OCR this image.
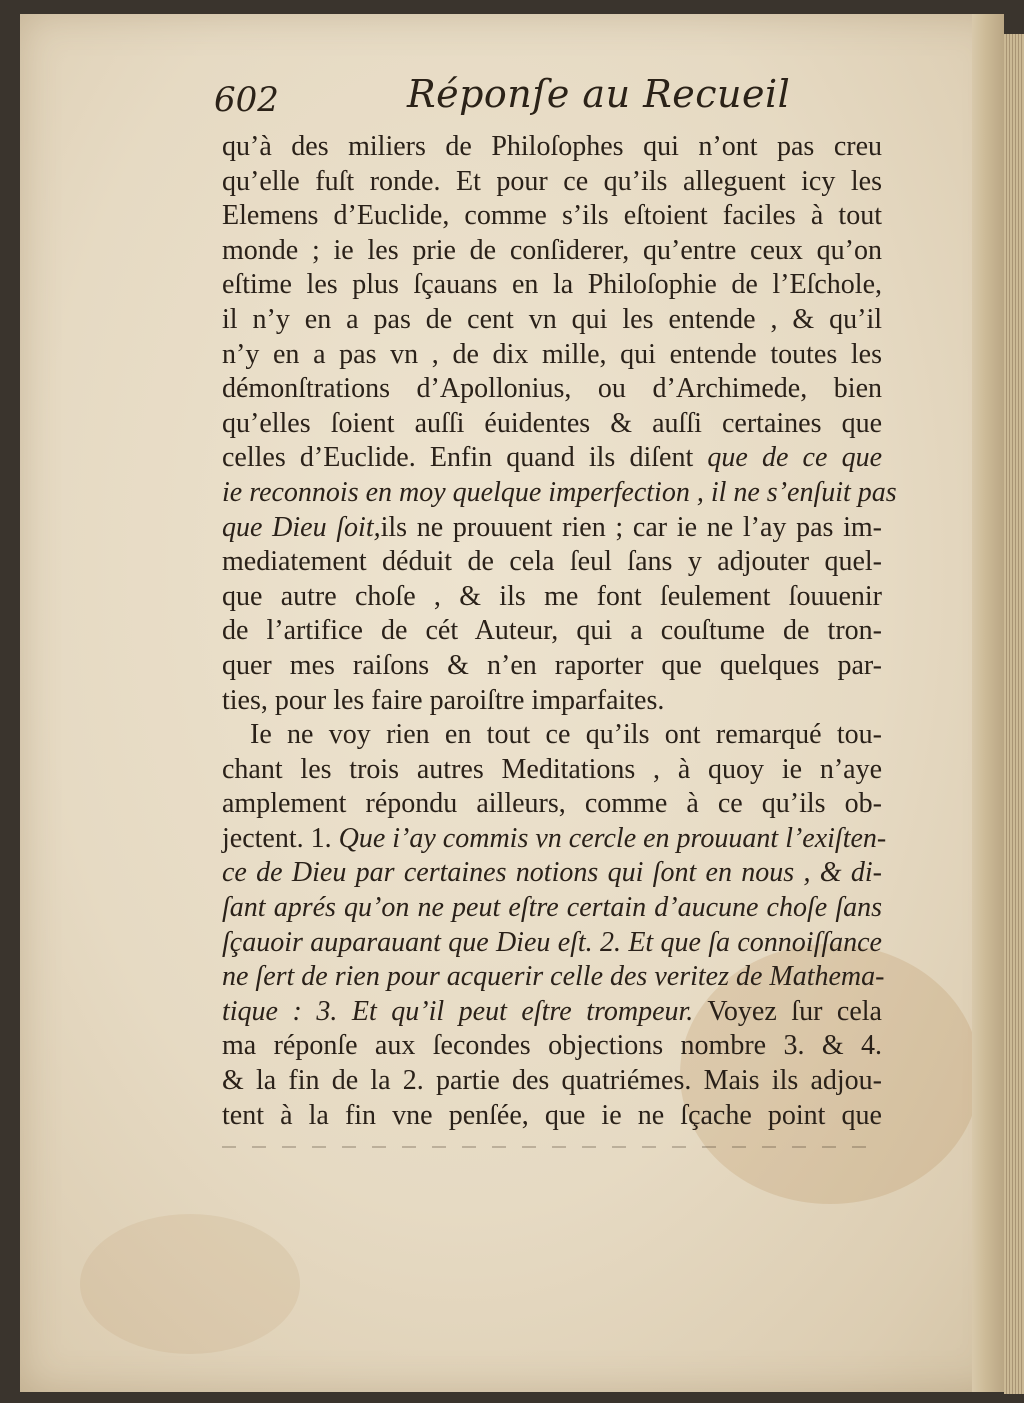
602	Réponſe au Recueil
qu’à des miliers de Philoſophes qui n’ont pas creu
qu’elle fuſt ronde. Et pour ce qu’ils alleguent icy les
Elemens d’Euclide, comme s’ils eſtoient faciles à tout
monde ; ie les prie de conſiderer, qu’entre ceux qu’on
eſtime les plus ſçauans en la Philoſophie de l’Eſchole,
il n’y en a pas de cent vn qui les entende , & qu’il
n’y en a pas vn , de dix mille, qui entende toutes les
démonſtrations d’Apollonius, ou d’Archimede, bien
qu’elles ſoient auſſi éuidentes & auſſi certaines que
celles d’Euclide. Enfin quand ils diſent que de ce que
ie reconnois en moy quelque imperfection , il ne s’enſuit pas
que Dieu ſoit,ils ne prouuent rien ; car ie ne l’ay pas im-
mediatement déduit de cela ſeul ſans y adjouter quel-
que autre choſe , & ils me font ſeulement ſouuenir
de l’artifice de cét Auteur, qui a couſtume de tron-
quer mes raiſons & n’en raporter que quelques par-
ties, pour les faire paroiſtre imparfaites.
Ie ne voy rien en tout ce qu’ils ont remarqué tou-
chant les trois autres Meditations , à quoy ie n’aye
amplement répondu ailleurs, comme à ce qu’ils ob-
jectent. 1. Que i’ay commis vn cercle en prouuant l’exiſten-
ce de Dieu par certaines notions qui ſont en nous , & di-
ſant aprés qu’on ne peut eſtre certain d’aucune choſe ſans
ſçauoir auparauant que Dieu eſt. 2. Et que ſa connoiſſance
ne ſert de rien pour acquerir celle des veritez de Mathema-
tique : 3. Et qu’il peut eſtre trompeur. Voyez ſur cela
ma réponſe aux ſecondes objections nombre 3. & 4.
& la fin de la 2. partie des quatriémes. Mais ils adjou-
tent à la fin vne penſée, que ie ne ſçache point que
